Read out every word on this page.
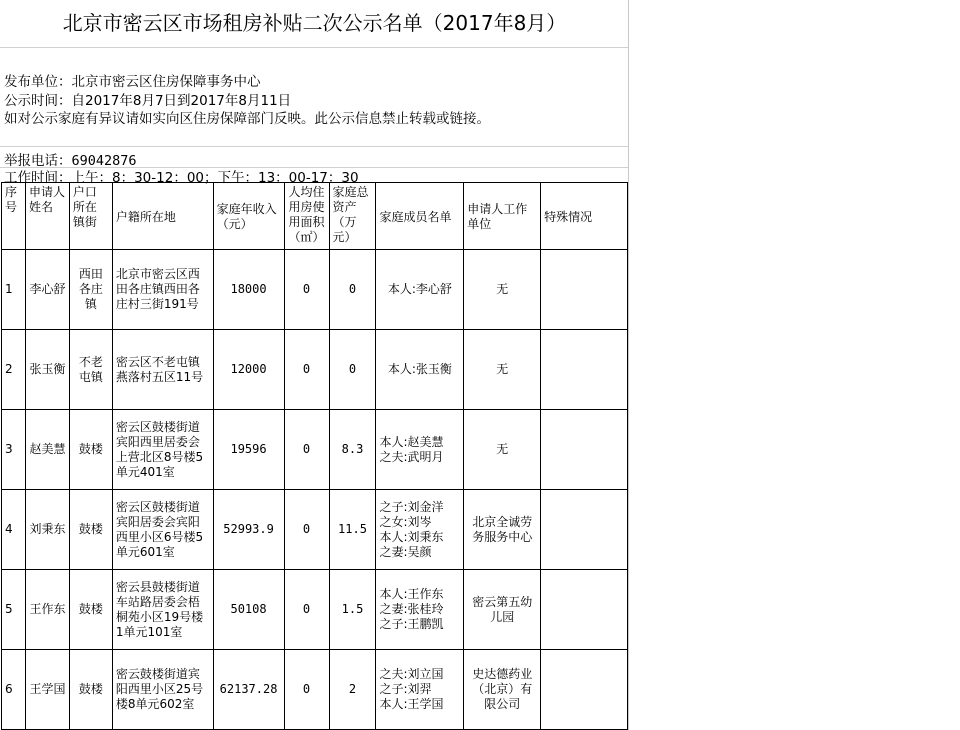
北京市密云区市场租房补贴二次公示名单（2017年8月）
发布单位：北京市密云区住房保障事务中心
公示时间：自2017年8月7日到2017年8月11日
如对公示家庭有异议请如实向区住房保障部门反映。此公示信息禁止转载或链接。
举报电话：69042876
工作时间：上午：8：30-12：00；下午：13：00-17：30
序号	申请人姓名	户口所在镇街	户籍所在地	家庭年收入（元）	人均住用房使用面积（㎡）	家庭总资产（万元）	家庭成员名单	申请人工作单位	特殊情况
1	李心舒	西田各庄镇	北京市密云区西田各庄镇西田各庄村三街191号	18000	0	0	本人:李心舒	无	
2	张玉衡	不老屯镇	密云区不老屯镇燕落村五区11号	12000	0	0	本人:张玉衡	无	
3	赵美慧	鼓楼	密云区鼓楼街道宾阳西里居委会上营北区8号楼5单元401室	19596	0	8.3	本人:赵美慧
之夫:武明月	无	
4	刘秉东	鼓楼	密云区鼓楼街道宾阳居委会宾阳西里小区6号楼5单元601室	52993.9	0	11.5	之子:刘金洋
之女:刘岑
本人:刘秉东
之妻:吴颜	北京全诚劳务服务中心	
5	王作东	鼓楼	密云县鼓楼街道车站路居委会梧桐苑小区19号楼1单元101室	50108	0	1.5	本人:王作东
之妻:张桂玲
之子:王鹏凯	密云第五幼儿园	
6	王学国	鼓楼	密云鼓楼街道宾阳西里小区25号楼8单元602室	62137.28	0	2	之夫:刘立国
之子:刘羿
本人:王学国	史达德药业（北京）有限公司	
